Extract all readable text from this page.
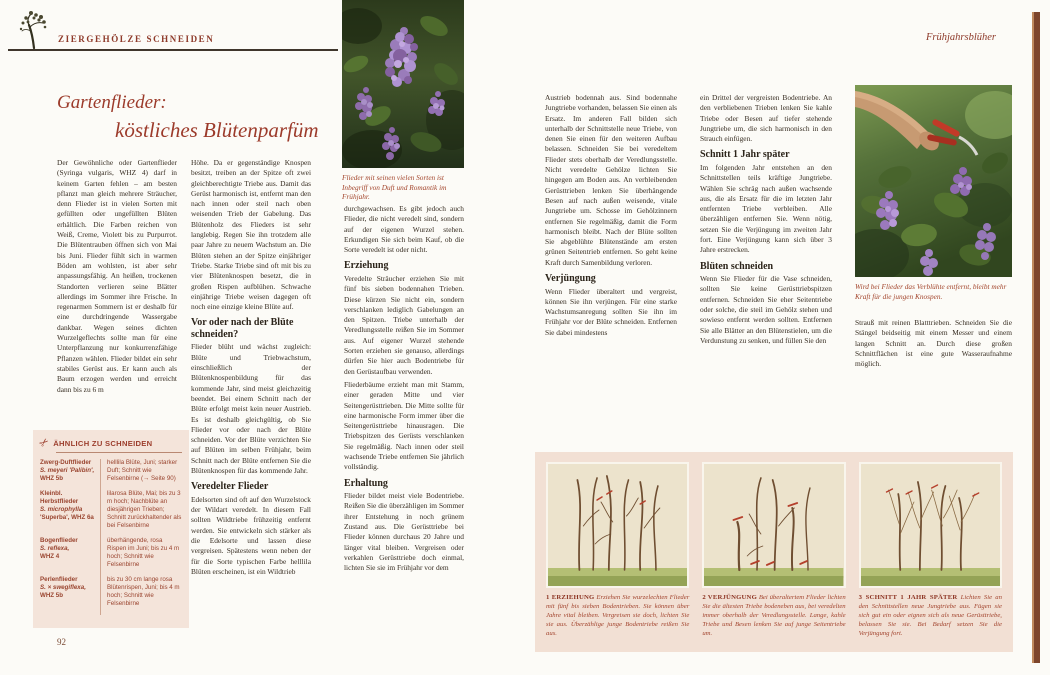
ZIERGEHÖLZE SCHNEIDEN	Frühjahrsblüher
Gartenflieder:
köstliches Blütenparfüm

Der Gewöhnliche oder Gartenflieder (Syringa vulgaris, WHZ 4) darf in keinem Garten fehlen – am besten pflanzt man gleich mehrere Sträucher, denn Flieder ist in vielen Sorten mit gefüllten oder ungefüllten Blüten erhältlich. Die Farben reichen von Weiß, Creme, Violett bis zu Purpurrot. Die Blütentrauben öffnen sich von Mai bis Juni. Flieder fühlt sich in warmen Böden am wohlsten, ist aber sehr anpassungsfähig. An heißen, trockenen Standorten verlieren seine Blätter allerdings im Sommer ihre Frische. In regenarmen Sommern ist er deshalb für eine durchdringende Wassergabe dankbar. Wegen seines dichten Wurzelgeflechts sollte man für eine Unterpflanzung nur konkurrenzfähige Pflanzen wählen. Flieder bildet ein sehr stabiles Gerüst aus. Er kann auch als Baum erzogen werden und erreicht dann bis zu 6 m

Höhe. Da er gegenständige Knospen besitzt, treiben an der Spitze oft zwei gleichberechtigte Triebe aus. Damit das Gerüst harmonisch ist, entfernt man den nach innen oder steil nach oben weisenden Trieb der Gabelung. Das Blütenholz des Flieders ist sehr langlebig. Regen Sie ihn trotzdem alle paar Jahre zu neuem Wachstum an. Die Blüten stehen an der Spitze einjähriger Triebe. Starke Triebe sind oft mit bis zu vier Blütenknospen besetzt, die in großen Rispen aufblühen. Schwache einjährige Triebe weisen dagegen oft noch eine einzige kleine Blüte auf.

Vor oder nach der Blüte schneiden?

Flieder blüht und wächst zugleich: Blüte und Triebwachstum, einschließlich der Blütenknospenbildung für das kommende Jahr, sind meist gleichzeitig beendet. Bei einem Schnitt nach der Blüte erfolgt meist kein neuer Austrieb. Es ist deshalb gleichgültig, ob Sie Flieder vor oder nach der Blüte schneiden. Vor der Blüte verzichten Sie auf Blüten im selben Frühjahr, beim Schnitt nach der Blüte entfernen Sie die Blütenknospen für das kommende Jahr.

Veredelter Flieder

Edelsorten sind oft auf den Wurzelstock der Wildart veredelt. In diesem Fall sollten Wildtriebe frühzeitig entfernt werden. Sie entwickeln sich stärker als die Edelsorte und lassen diese vergreisen. Spätestens wenn neben der für die Sorte typischen Farbe helllila Blüten erscheinen, ist ein Wildtrieb

Flieder mit seinen vielen Sorten ist Inbegriff von Duft und Romantik im Frühjahr.

durchgewachsen. Es gibt jedoch auch Flieder, die nicht veredelt sind, sondern auf der eigenen Wurzel stehen. Erkundigen Sie sich beim Kauf, ob die Sorte veredelt ist oder nicht.

Erziehung

Veredelte Sträucher erziehen Sie mit fünf bis sieben bodennahen Trieben. Diese kürzen Sie nicht ein, sondern verschlanken lediglich Gabelungen an den Spitzen. Triebe unterhalb der Veredlungsstelle reißen Sie im Sommer aus. Auf eigener Wurzel stehende Sorten erziehen sie genauso, allerdings dürfen Sie hier auch Bodentriebe für den Gerüstaufbau verwenden.

Fliederbäume erzieht man mit Stamm, einer geraden Mitte und vier Seitengerüsttrieben. Die Mitte sollte für eine harmonische Form immer über die Seitengerüsttriebe hinausragen. Die Triebspitzen des Gerüsts verschlanken Sie regelmäßig. Nach innen oder steil wachsende Triebe entfernen Sie jährlich vollständig.

Erhaltung

Flieder bildet meist viele Bodentriebe. Reißen Sie die überzähligen im Sommer ihrer Entstehung in noch grünem Zustand aus. Die Gerüsttriebe bei Flieder können durchaus 20 Jahre und länger vital bleiben. Vergreisen oder verkahlen Gerüsttriebe doch einmal, lichten Sie sie im Frühjahr vor dem

✂ ÄHNLICH ZU SCHNEIDEN
Zwerg-Duftflieder
S. meyeri 'Palibin',
WHZ 5b
helllila Blüte, Juni; starker Duft; Schnitt wie Felsenbirne (→ Seite 90)
Kleinbl. Herbstflieder
S. microphylla
'Superba', WHZ 6a
lilarosa Blüte, Mai; bis zu 3 m hoch; Nachblüte an diesjährigen Trieben; Schnitt zurückhaltender als bei Felsenbirne
Bogenflieder
S. reflexa,
WHZ 4
überhängende, rosa Rispen im Juni; bis zu 4 m hoch; Schnitt wie Felsenbirne
Perlenflieder
S. × swegiflexa,
WHZ 5b
bis zu 30 cm lange rosa Blütenrispen, Juni; bis 4 m hoch; Schnitt wie Felsenbirne
92

Austrieb bodennah aus. Sind bodennahe Jungtriebe vorhanden, belassen Sie einen als Ersatz. Im anderen Fall bilden sich unterhalb der Schnittstelle neue Triebe, von denen Sie einen für den weiteren Aufbau belassen. Schneiden Sie bei veredeltem Flieder stets oberhalb der Veredlungsstelle. Nicht veredelte Gehölze lichten Sie hingegen am Boden aus. An verbleibenden Gerüsttrieben lenken Sie überhängende Besen auf nach außen weisende, vitale Jungtriebe um. Schosse im Gehölzinnern entfernen Sie regelmäßig, damit die Form harmonisch bleibt. Nach der Blüte sollten Sie abgeblühte Blütenstände am ersten grünen Seitentrieb entfernen. So geht keine Kraft durch Samenbildung verloren.

Verjüngung

Wenn Flieder überaltert und vergreist, können Sie ihn verjüngen. Für eine starke Wachstumsanregung sollten Sie ihn im Frühjahr vor der Blüte schneiden. Entfernen Sie dabei mindestens

ein Drittel der vergreisten Bodentriebe. An den verbliebenen Trieben lenken Sie kahle Triebe oder Besen auf tiefer stehende Jungtriebe um, die sich harmonisch in den Strauch einfügen.

Schnitt 1 Jahr später

Im folgenden Jahr entstehen an den Schnittstellen teils kräftige Jungtriebe. Wählen Sie schräg nach außen wachsende aus, die als Ersatz für die im letzten Jahr entfernten Triebe verbleiben. Alle überzähligen entfernen Sie. Wenn nötig, setzen Sie die Verjüngung im zweiten Jahr fort. Eine Verjüngung kann sich über 3 Jahre erstrecken.

Blüten schneiden

Wenn Sie Flieder für die Vase schneiden, sollten Sie keine Gerüsttriebspitzen entfernen. Schneiden Sie eher Seitentriebe oder solche, die steil im Gehölz stehen und sowieso entfernt werden sollten. Entfernen Sie alle Blätter an den Blütenstielen, um die Verdunstung zu senken, und füllen Sie den

Wird bei Flieder das Verblühte entfernt, bleibt mehr Kraft für die jungen Knospen.

Strauß mit reinen Blatttrieben. Schneiden Sie die Stängel beidseitig mit einem Messer und einem langen Schnitt an. Durch diese großen Schnittflächen ist eine gute Wasseraufnahme möglich.

1 ERZIEHUNG Erziehen Sie wurzelechten Flieder mit fünf bis sieben Bodentrieben. Sie können über Jahre vital bleiben. Vergreisen sie doch, lichten Sie sie aus. Überzählige junge Bodentriebe reißen Sie aus.
2 VERJÜNGUNG Bei überaltertem Flieder lichten Sie die ältesten Triebe bodeneben aus, bei veredelten immer oberhalb der Veredlungsstelle. Lange, kahle Triebe und Besen lenken Sie auf junge Seitentriebe um.
3 SCHNITT 1 JAHR SPÄTER Lichten Sie an den Schnittstellen neue Jungtriebe aus. Fügen sie sich gut ein oder eignen sich als neue Gerüsttriebe, belassen Sie sie. Bei Bedarf setzen Sie die Verjüngung fort.
